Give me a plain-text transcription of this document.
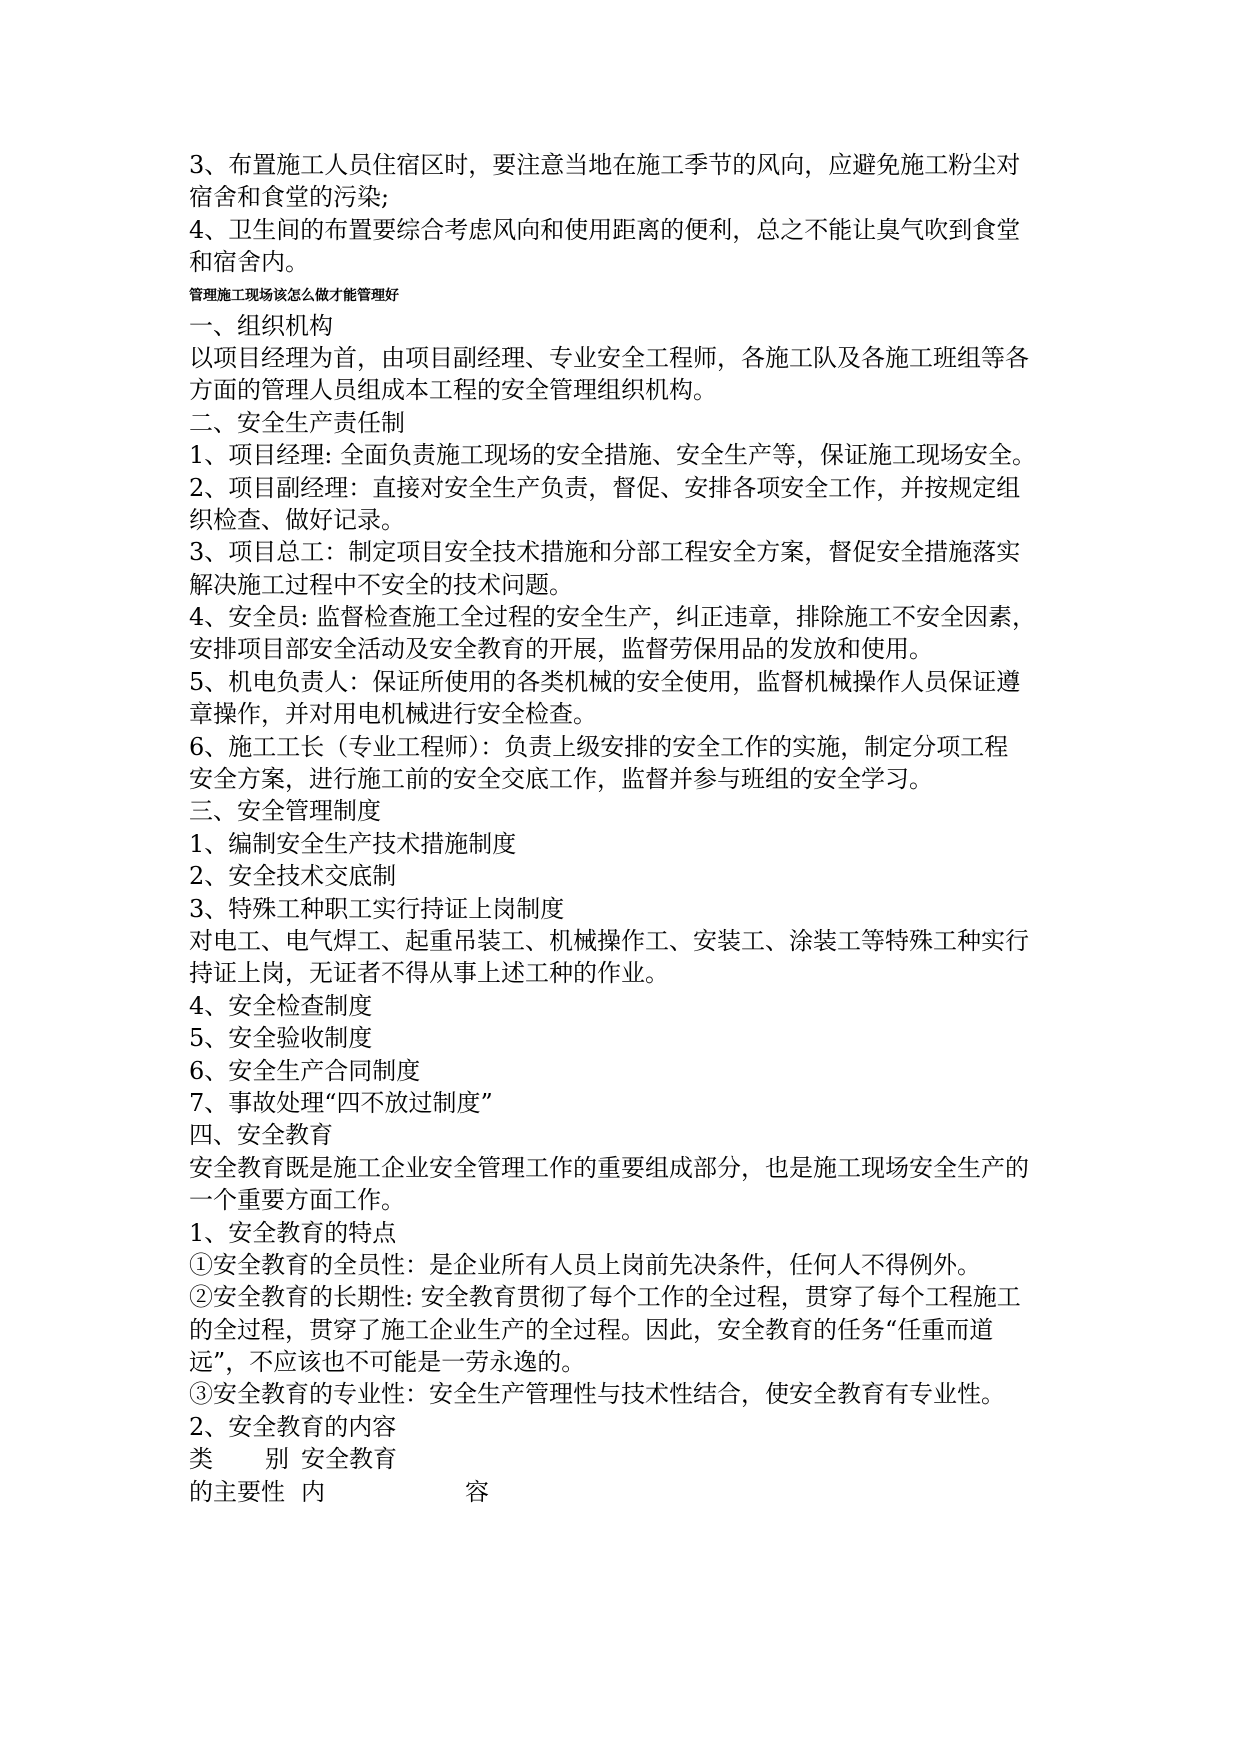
3、布置施工人员住宿区时，要注意当地在施工季节的风向，应避免施工粉尘对
宿舍和食堂的污染;
4、卫生间的布置要综合考虑风向和使用距离的便利，总之不能让臭气吹到食堂
和宿舍内。
管理施工现场该怎么做才能管理好
一、组织机构
以项目经理为首，由项目副经理、专业安全工程师，各施工队及各施工班组等各
方面的管理人员组成本工程的安全管理组织机构。
二、安全生产责任制
1、项目经理: 全面负责施工现场的安全措施、安全生产等，保证施工现场安全。
2、项目副经理：直接对安全生产负责，督促、安排各项安全工作，并按规定组
织检查、做好记录。
3、项目总工：制定项目安全技术措施和分部工程安全方案，督促安全措施落实
解决施工过程中不安全的技术问题。
4、安全员: 监督检查施工全过程的安全生产，纠正违章，排除施工不安全因素，
安排项目部安全活动及安全教育的开展，监督劳保用品的发放和使用。
5、机电负责人：保证所使用的各类机械的安全使用，监督机械操作人员保证遵
章操作，并对用电机械进行安全检查。
6、施工工长（专业工程师）：负责上级安排的安全工作的实施，制定分项工程
安全方案，进行施工前的安全交底工作，监督并参与班组的安全学习。
三、安全管理制度
1、编制安全生产技术措施制度
2、安全技术交底制
3、特殊工种职工实行持证上岗制度
对电工、电气焊工、起重吊装工、机械操作工、安装工、涂装工等特殊工种实行
持证上岗，无证者不得从事上述工种的作业。
4、安全检查制度
5、安全验收制度
6、安全生产合同制度
7、事故处理“四不放过制度”
四、安全教育
安全教育既是施工企业安全管理工作的重要组成部分，也是施工现场安全生产的
一个重要方面工作。
1、安全教育的特点
①安全教育的全员性：是企业所有人员上岗前先决条件，任何人不得例外。
②安全教育的长期性: 安全教育贯彻了每个工作的全过程，贯穿了每个工程施工
的全过程，贯穿了施工企业生产的全过程。因此，安全教育的任务“任重而道
远”，不应该也不可能是一劳永逸的。
③安全教育的专业性：安全生产管理性与技术性结合，使安全教育有专业性。
2、安全教育的内容
类 别 安全教育
的主要性 内	容
